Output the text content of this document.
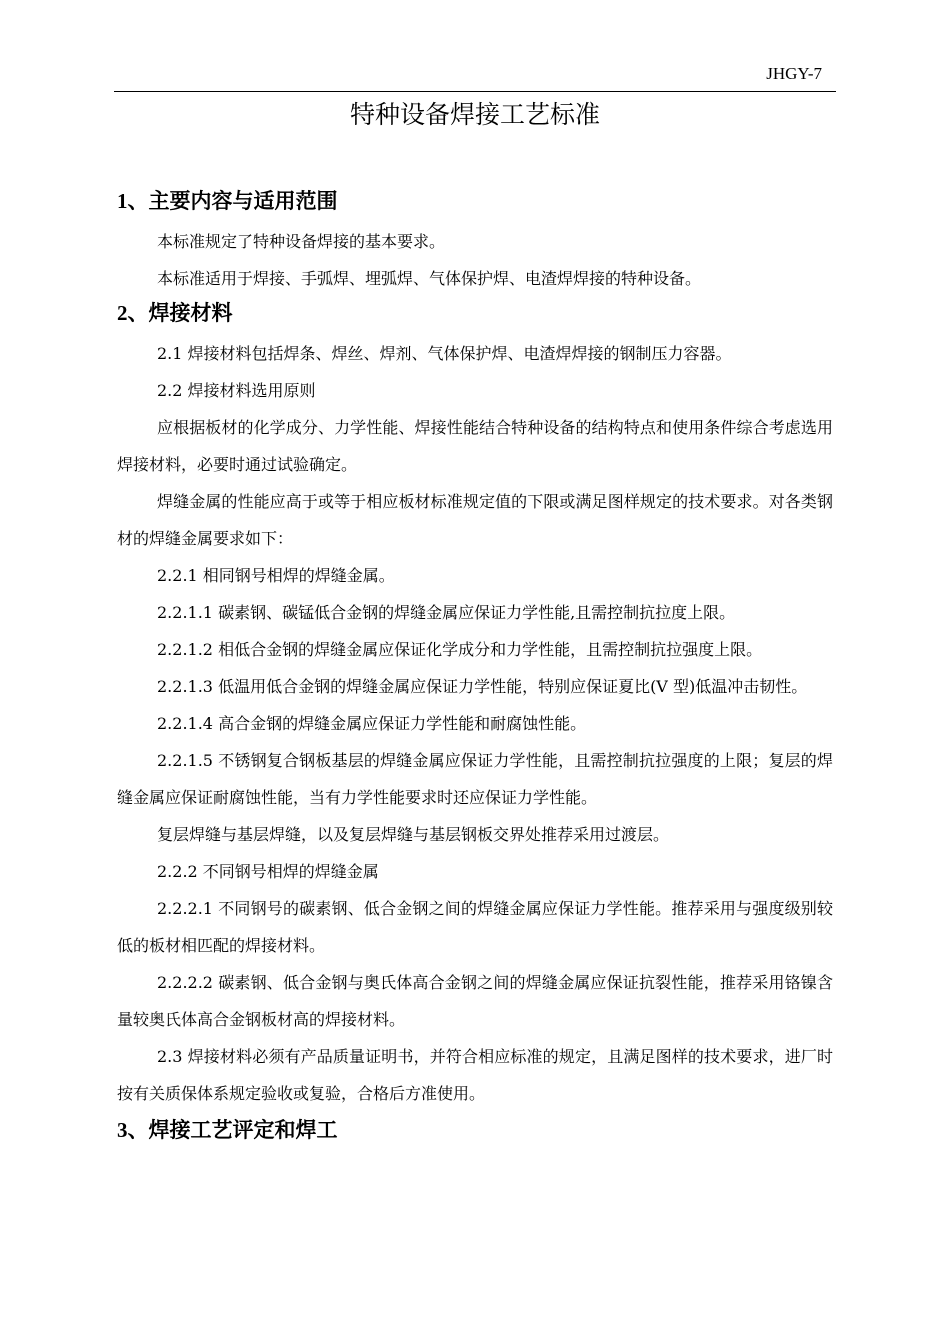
JHGY-7
特种设备焊接工艺标准
1、主要内容与适用范围

本标准规定了特种设备焊接的基本要求。

本标准适用于焊接、手弧焊、埋弧焊、气体保护焊、电渣焊焊接的特种设备。

2、焊接材料

2.1 焊接材料包括焊条、焊丝、焊剂、气体保护焊、电渣焊焊接的钢制压力容器。

2.2 焊接材料选用原则

应根据板材的化学成分、力学性能、焊接性能结合特种设备的结构特点和使用条件综合考虑选用焊接材料，必要时通过试验确定。

焊缝金属的性能应高于或等于相应板材标准规定值的下限或满足图样规定的技术要求。对各类钢材的焊缝金属要求如下：

2.2.1 相同钢号相焊的焊缝金属。

2.2.1.1 碳素钢、碳锰低合金钢的焊缝金属应保证力学性能,且需控制抗拉度上限。

2.2.1.2 相低合金钢的焊缝金属应保证化学成分和力学性能，且需控制抗拉强度上限。

2.2.1.3 低温用低合金钢的焊缝金属应保证力学性能，特别应保证夏比(V 型)低温冲击韧性。

2.2.1.4 高合金钢的焊缝金属应保证力学性能和耐腐蚀性能。

2.2.1.5 不锈钢复合钢板基层的焊缝金属应保证力学性能，且需控制抗拉强度的上限；复层的焊缝金属应保证耐腐蚀性能，当有力学性能要求时还应保证力学性能。

复层焊缝与基层焊缝，以及复层焊缝与基层钢板交界处推荐采用过渡层。

2.2.2 不同钢号相焊的焊缝金属

2.2.2.1 不同钢号的碳素钢、低合金钢之间的焊缝金属应保证力学性能。推荐采用与强度级别较低的板材相匹配的焊接材料。

2.2.2.2 碳素钢、低合金钢与奥氏体高合金钢之间的焊缝金属应保证抗裂性能，推荐采用铬镍含量较奥氏体高合金钢板材高的焊接材料。

2.3 焊接材料必须有产品质量证明书，并符合相应标准的规定，且满足图样的技术要求，进厂时按有关质保体系规定验收或复验，合格后方准使用。

3、焊接工艺评定和焊工
